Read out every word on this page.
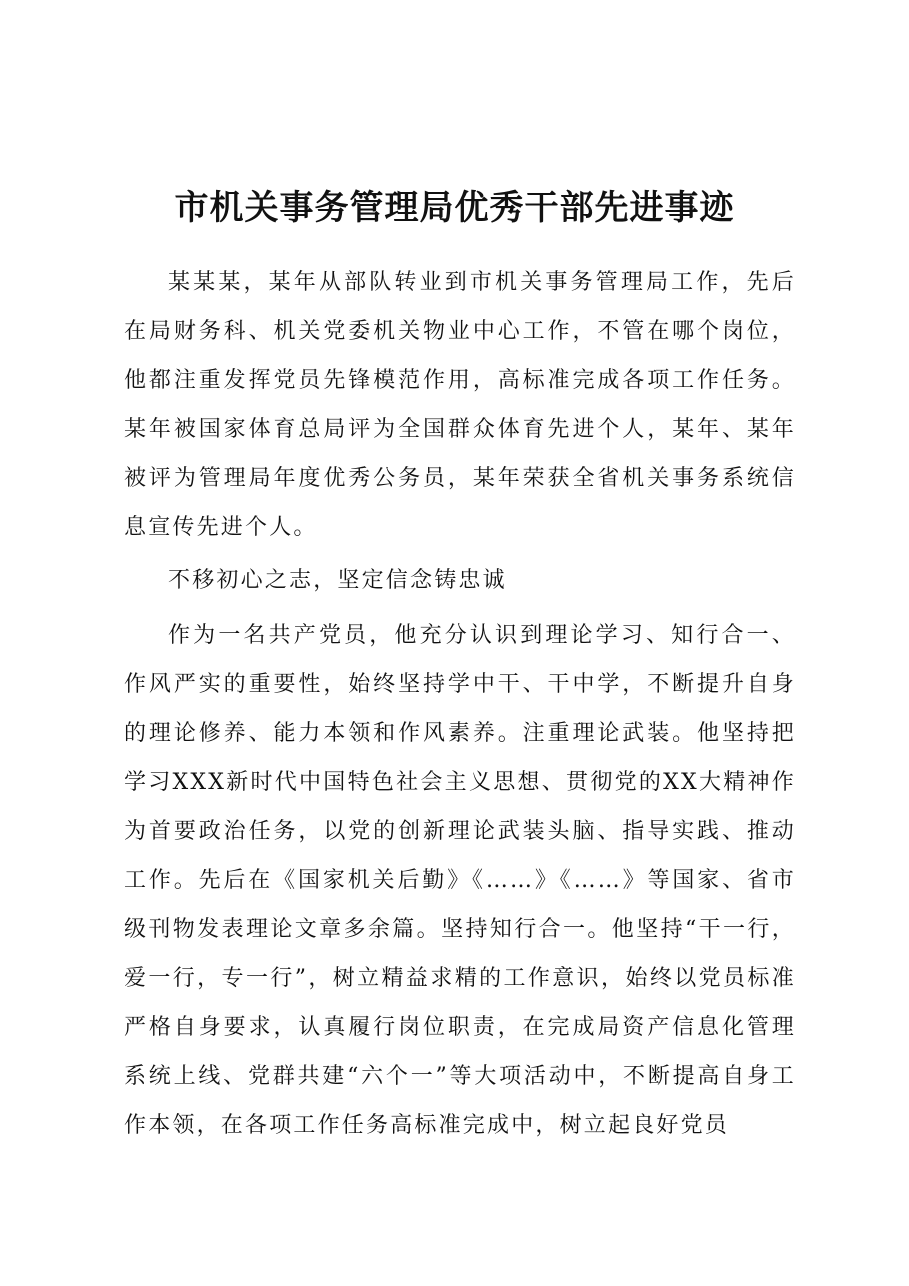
市机关事务管理局优秀干部先进事迹

某某某，某年从部队转业到市机关事务管理局工作，先后在局财务科、机关党委机关物业中心工作，不管在哪个岗位，他都注重发挥党员先锋模范作用，高标准完成各项工作任务。某年被国家体育总局评为全国群众体育先进个人，某年、某年被评为管理局年度优秀公务员，某年荣获全省机关事务系统信息宣传先进个人。

不移初心之志，坚定信念铸忠诚

作为一名共产党员，他充分认识到理论学习、知行合一、作风严实的重要性，始终坚持学中干、干中学，不断提升自身的理论修养、能力本领和作风素养。注重理论武装。他坚持把学习XXX新时代中国特色社会主义思想、贯彻党的XX大精神作为首要政治任务，以党的创新理论武装头脑、指导实践、推动工作。先后在《国家机关后勤》《……》《……》等国家、省市级刊物发表理论文章多余篇。坚持知行合一。他坚持“干一行，爱一行，专一行”，树立精益求精的工作意识，始终以党员标准严格自身要求，认真履行岗位职责，在完成局资产信息化管理系统上线、党群共建“六个一”等大项活动中，不断提高自身工作本领，在各项工作任务高标准完成中，树立起良好党员
